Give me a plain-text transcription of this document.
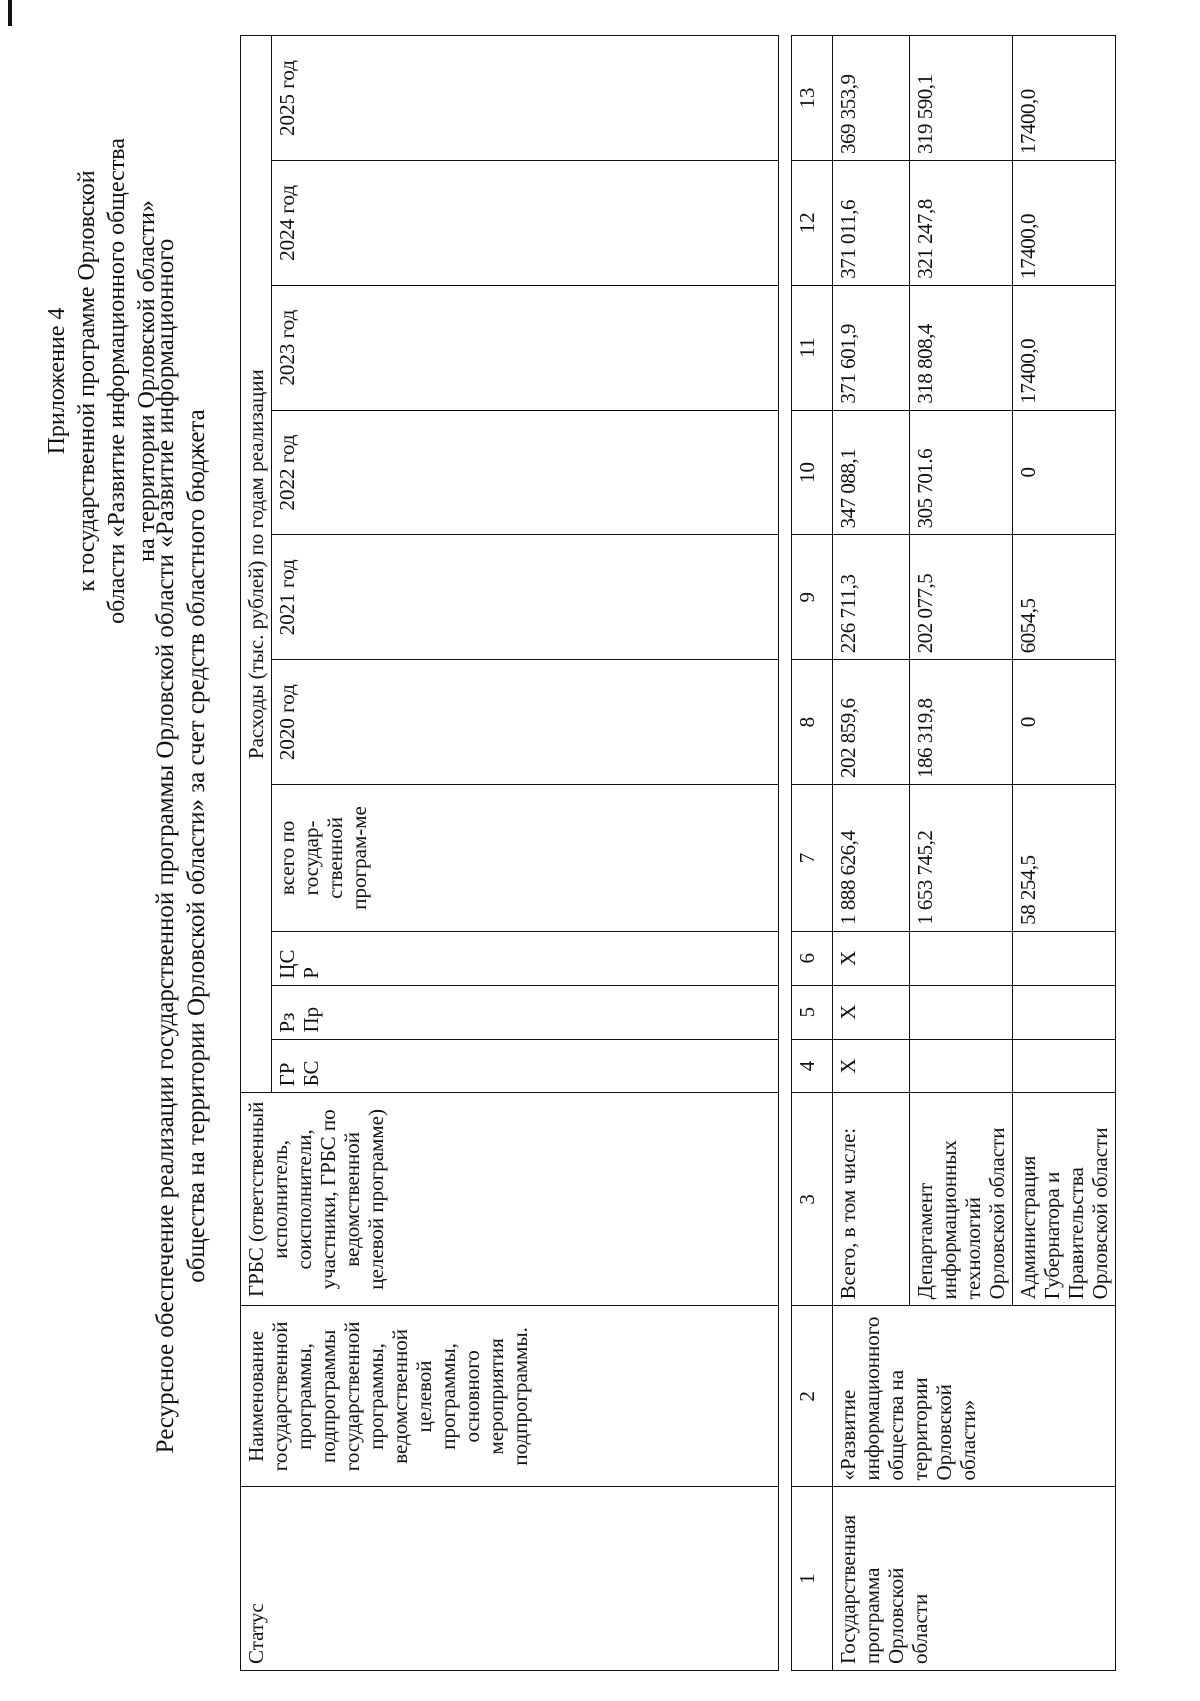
Приложение 4 к государственной программе Орловской области «Развитие информационного общества на территории Орловской области»
Ресурсное обеспечение реализации государственной программы Орловской области «Развитие информационного общества на территории Орловской области» за счет средств областного бюджета
Статус	Наименование государственной программы, подпрограммы государственной программы, ведомственной целевой программы, основного мероприятия подпрограммы.	ГРБС (ответственный исполнитель, соисполнители, участники, ГРБС по ведомственной целевой программе)	Расходы (тыс. рублей) по годам реализации									
			ГР БС	Рз Пр	ЦС Р	всего по государ-ственной програм-ме	2020 год	2021 год	2022 год	2023 год	2024 год	2025 год

1	2	3	4	5	6	7	8	9	10	11	12	13
Государственная программа Орловской области	«Развитие информационного общества на территории Орловской области»	Всего, в том числе:	Х	Х	Х	1 888 626,4	202 859,6	226 711,3	347 088,1	371 601,9	371 011,6	369 353,9
		Департамент информационных технологий Орловской области				1 653 745,2	186 319,8	202 077,5	305 701.6	318 808,4	321 247,8	319 590,1
		Администрация Губернатора и Правительства Орловской области				58 254,5	0	6054,5	0	17400,0	17400,0	17400,0
